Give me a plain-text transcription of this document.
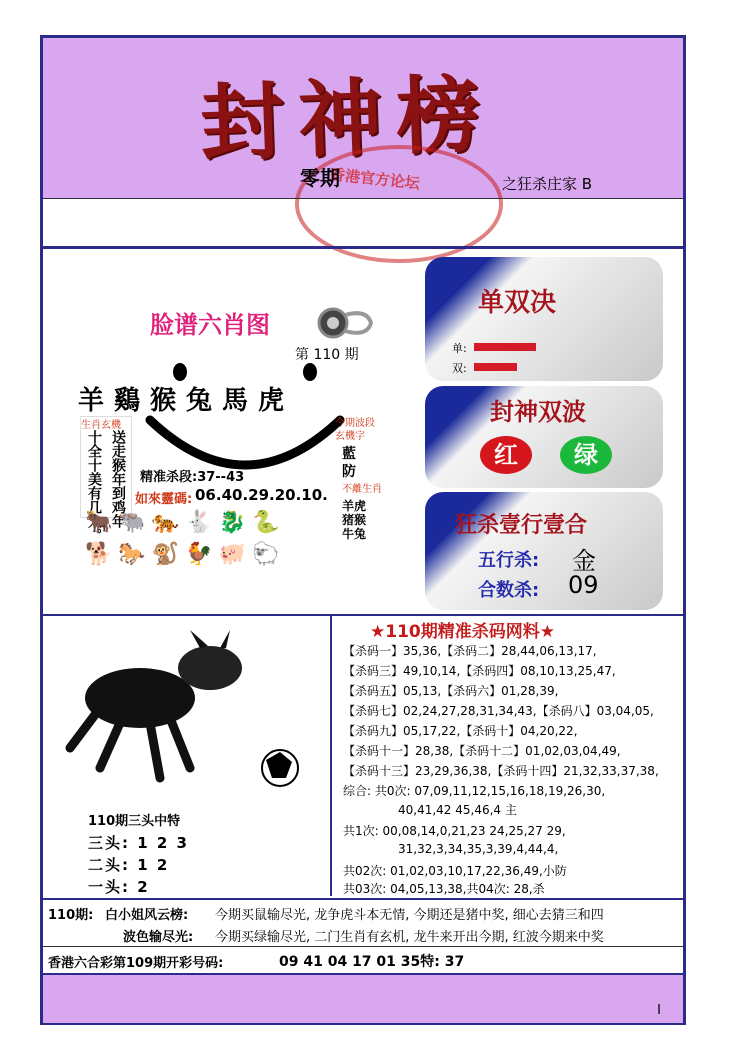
封神榜
香港官方论坛
零期	之狂杀庄家 B
脸谱六肖图
第 110 期
羊鷄猴兔馬虎
生肖玄機
十全十美有几人。 送走猴年到鸡年
今期波段
玄機字
藍
防
不離生肖
羊虎
猪猴
牛兔
精准杀段:37--43
如來靈碼: 06.40.29.20.10.
🐂🐃🐅🐇🐉🐍
🐕🐎🐒🐓🐖🐑
单双决
单:
双:
封神双波
红	绿
狂杀壹行壹合
五行杀: 金
合数杀: 09
110期三头中特
三头: 1 2 3
二头: 1 2
一头: 2
★110期精准杀码网料★
【杀码一】35,36,【杀码二】28,44,06,13,17,
【杀码三】49,10,14,【杀码四】08,10,13,25,47,
【杀码五】05,13,【杀码六】01,28,39,
【杀码七】02,24,27,28,31,34,43,【杀码八】03,04,05,
【杀码九】05,17,22,【杀码十】04,20,22,
【杀码十一】28,38,【杀码十二】01,02,03,04,49,
【杀码十三】23,29,36,38,【杀码十四】21,32,33,37,38,
综合: 共0次: 07,09,11,12,15,16,18,19,26,30,
40,41,42 45,46,4 主
共1次: 00,08,14,0,21,23 24,25,27 29,
31,32,3,34,35,3,39,4,44,4,
共02次: 01,02,03,10,17,22,36,49,小防
共03次: 04,05,13,38,共04次: 28,杀
110期: 白小姐风云榜: 今期买鼠输尽光, 龙争虎斗本无情, 今期还是猪中奖, 细心去猜三和四
波色输尽光: 今期买绿输尽光, 二门生肖有玄机, 龙牛来开出今期, 红波今期来中奖
香港六合彩第109期开彩号码:	09 41 04 17 01 35特: 37
I
